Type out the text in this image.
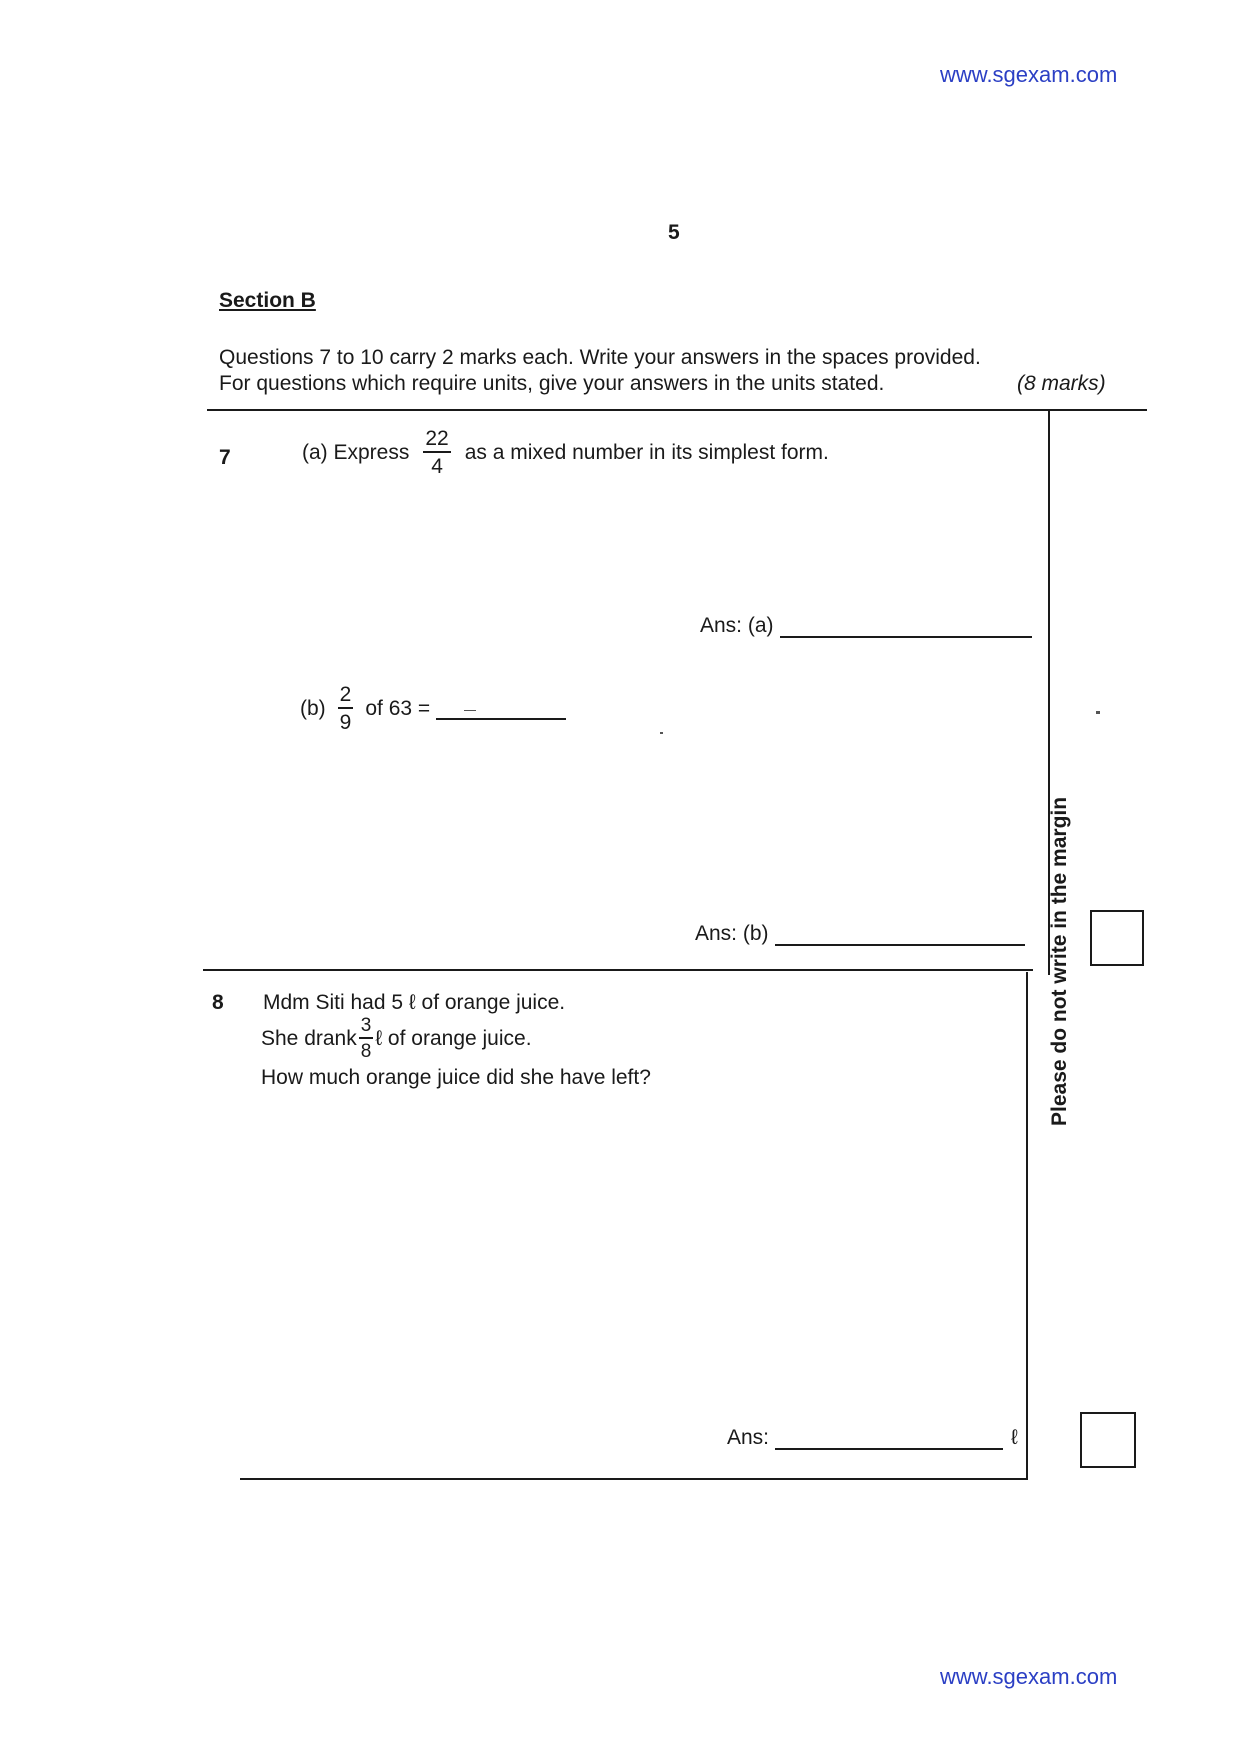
www.sgexam.com
5
Section B
Questions 7 to 10 carry 2 marks each. Write your answers in the spaces provided.
For questions which require units, give your answers in the units stated.	(8 marks)
7	(a) Express $\frac{22}{4}$ as a mixed number in its simplest form.
Ans: (a)
$(b) \frac{2}{9}$ of 63 =
Ans: (b)
8 Mdm Siti had 5 ℓ of orange juice.
She drank $\frac{3}{8}$ ℓ of orange juice.
How much orange juice did she have left?
Ans:	ℓ
Please do not write in the margin
www.sgexam.com
